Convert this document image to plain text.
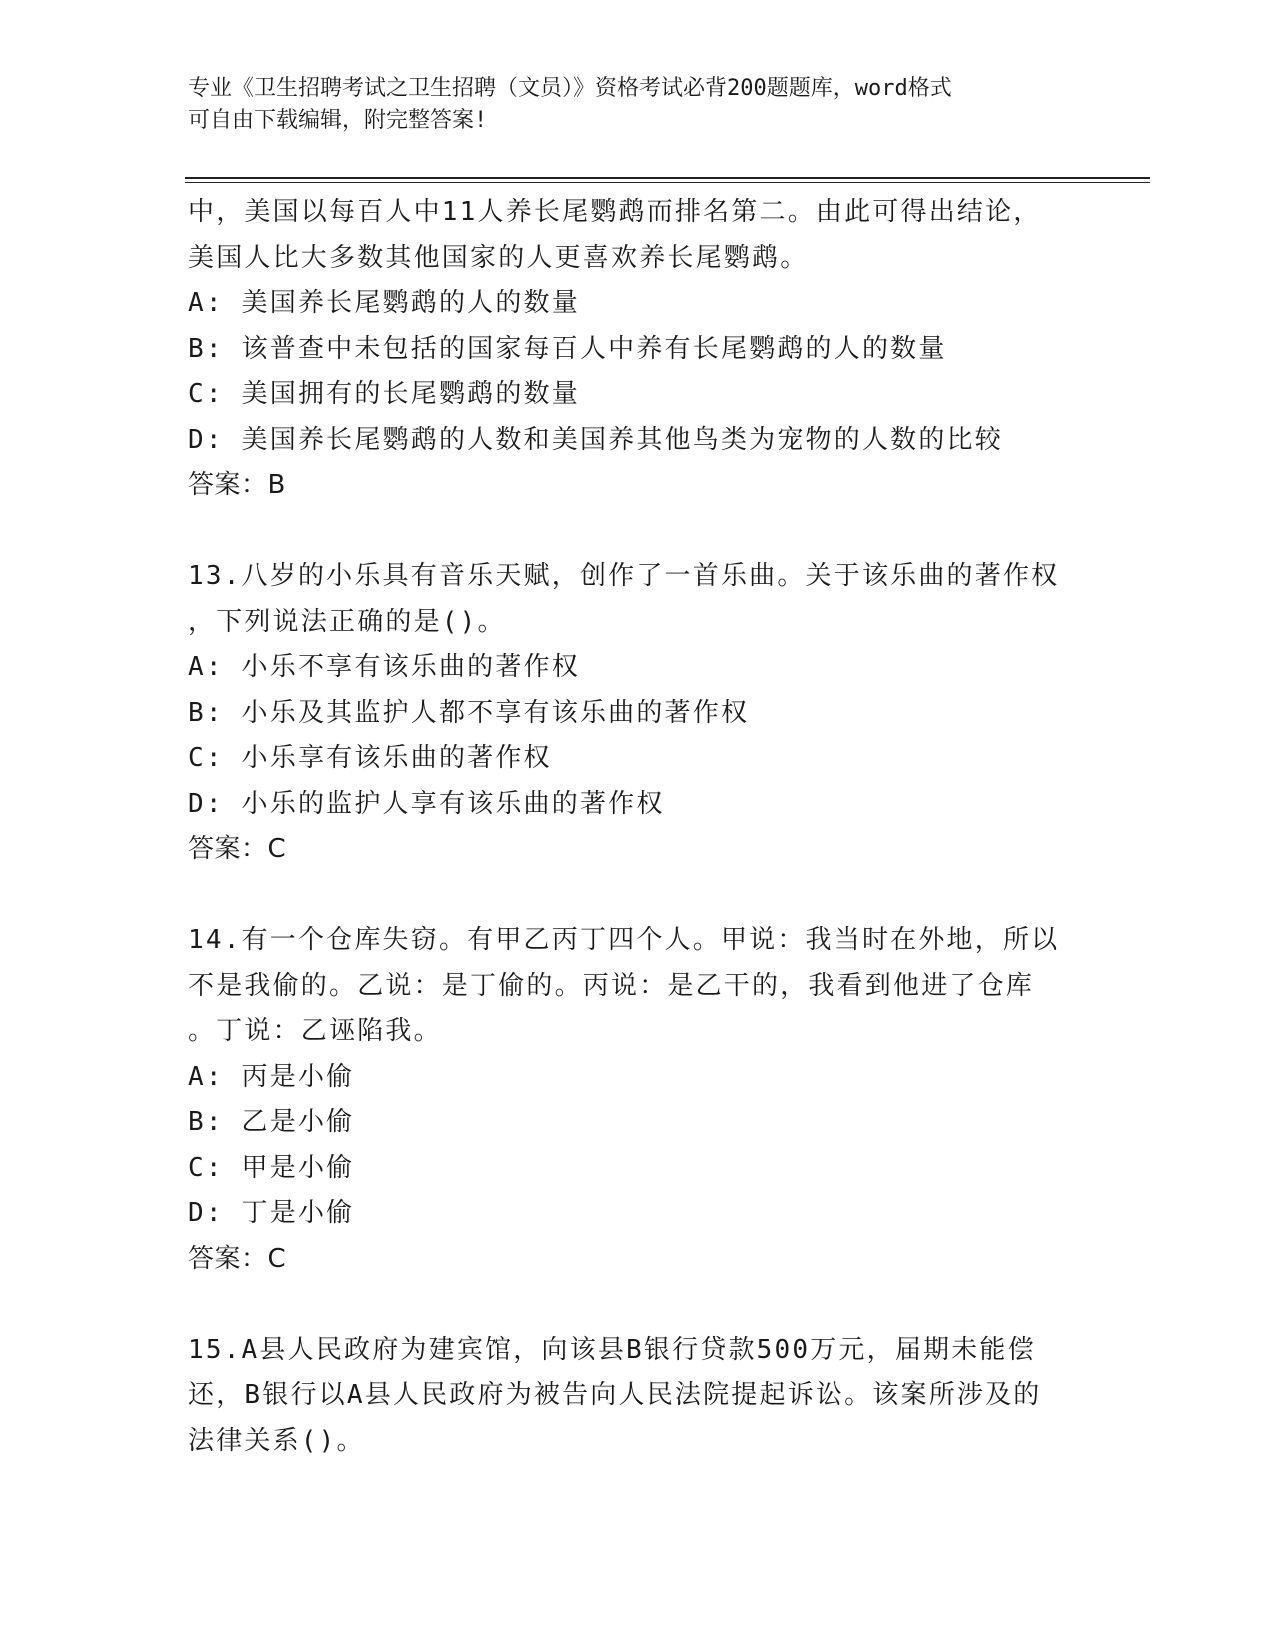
专业《卫生招聘考试之卫生招聘（文员）》资格考试必背200题题库，word格式
可自由下载编辑，附完整答案!
中，美国以每百人中11人养长尾鹦鹉而排名第二。由此可得出结论，
美国人比大多数其他国家的人更喜欢养长尾鹦鹉。
A: 美国养长尾鹦鹉的人的数量
B: 该普查中未包括的国家每百人中养有长尾鹦鹉的人的数量
C: 美国拥有的长尾鹦鹉的数量
D: 美国养长尾鹦鹉的人数和美国养其他鸟类为宠物的人数的比较
答案：B
13.八岁的小乐具有音乐天赋，创作了一首乐曲。关于该乐曲的著作权
，下列说法正确的是()。
A: 小乐不享有该乐曲的著作权
B: 小乐及其监护人都不享有该乐曲的著作权
C: 小乐享有该乐曲的著作权
D: 小乐的监护人享有该乐曲的著作权
答案：C
14.有一个仓库失窃。有甲乙丙丁四个人。甲说：我当时在外地，所以
不是我偷的。乙说：是丁偷的。丙说：是乙干的，我看到他进了仓库
。丁说：乙诬陷我。
A: 丙是小偷
B: 乙是小偷
C: 甲是小偷
D: 丁是小偷
答案：C
15.A县人民政府为建宾馆，向该县B银行贷款500万元，届期未能偿
还，B银行以A县人民政府为被告向人民法院提起诉讼。该案所涉及的
法律关系()。
